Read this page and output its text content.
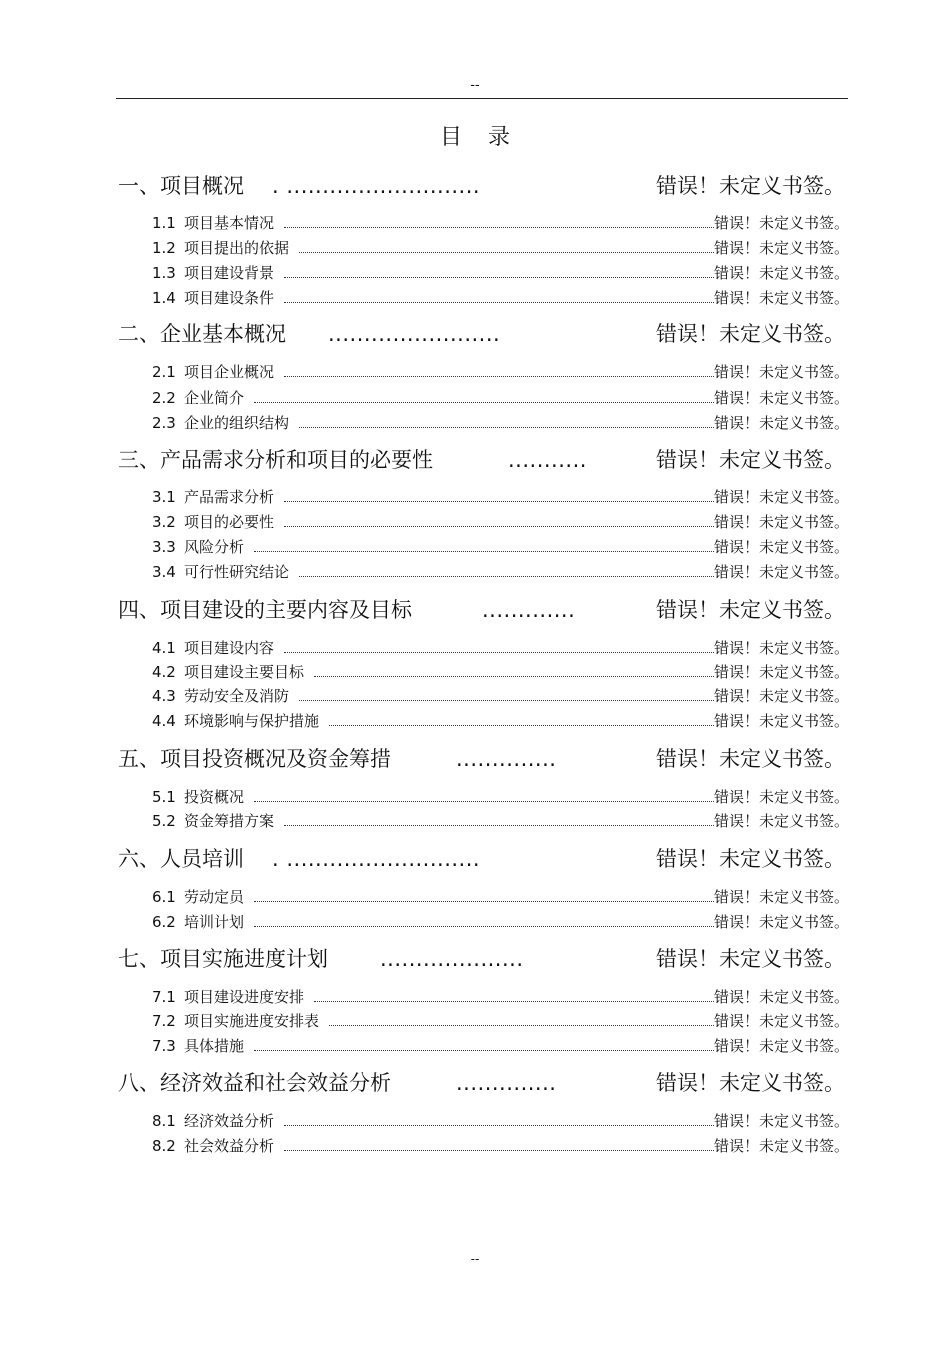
--
目录
一、项目概况 . ...........................	错误！未定义书签。
1.1 项目基本情况	错误！未定义书签。
1.2 项目提出的依据	错误！未定义书签。
1.3 项目建设背景	错误！未定义书签。
1.4 项目建设条件	错误！未定义书签。
二、企业基本概况 ........................	错误！未定义书签。
2.1 项目企业概况	错误！未定义书签。
2.2 企业简介	错误！未定义书签。
2.3 企业的组织结构	错误！未定义书签。
三、产品需求分析和项目的必要性	...........	错误！未定义书签。
3.1 产品需求分析	错误！未定义书签。
3.2 项目的必要性	错误！未定义书签。
3.3 风险分析	错误！未定义书签。
3.4 可行性研究结论	错误！未定义书签。
四、项目建设的主要内容及目标	.............	错误！未定义书签。
4.1 项目建设内容	错误！未定义书签。
4.2 项目建设主要目标	错误！未定义书签。
4.3 劳动安全及消防	错误！未定义书签。
4.4 环境影响与保护措施	错误！未定义书签。
五、项目投资概况及资金筹措	..............	错误！未定义书签。
5.1 投资概况	错误！未定义书签。
5.2 资金筹措方案	错误！未定义书签。
六、人员培训 . ...........................	错误！未定义书签。
6.1 劳动定员	错误！未定义书签。
6.2 培训计划	错误！未定义书签。
七、项目实施进度计划 ....................	错误！未定义书签。
7.1 项目建设进度安排	错误！未定义书签。
7.2 项目实施进度安排表	错误！未定义书签。
7.3 具体措施	错误！未定义书签。
八、经济效益和社会效益分析	..............	错误！未定义书签。
8.1 经济效益分析	错误！未定义书签。
8.2 社会效益分析	错误！未定义书签。
--
